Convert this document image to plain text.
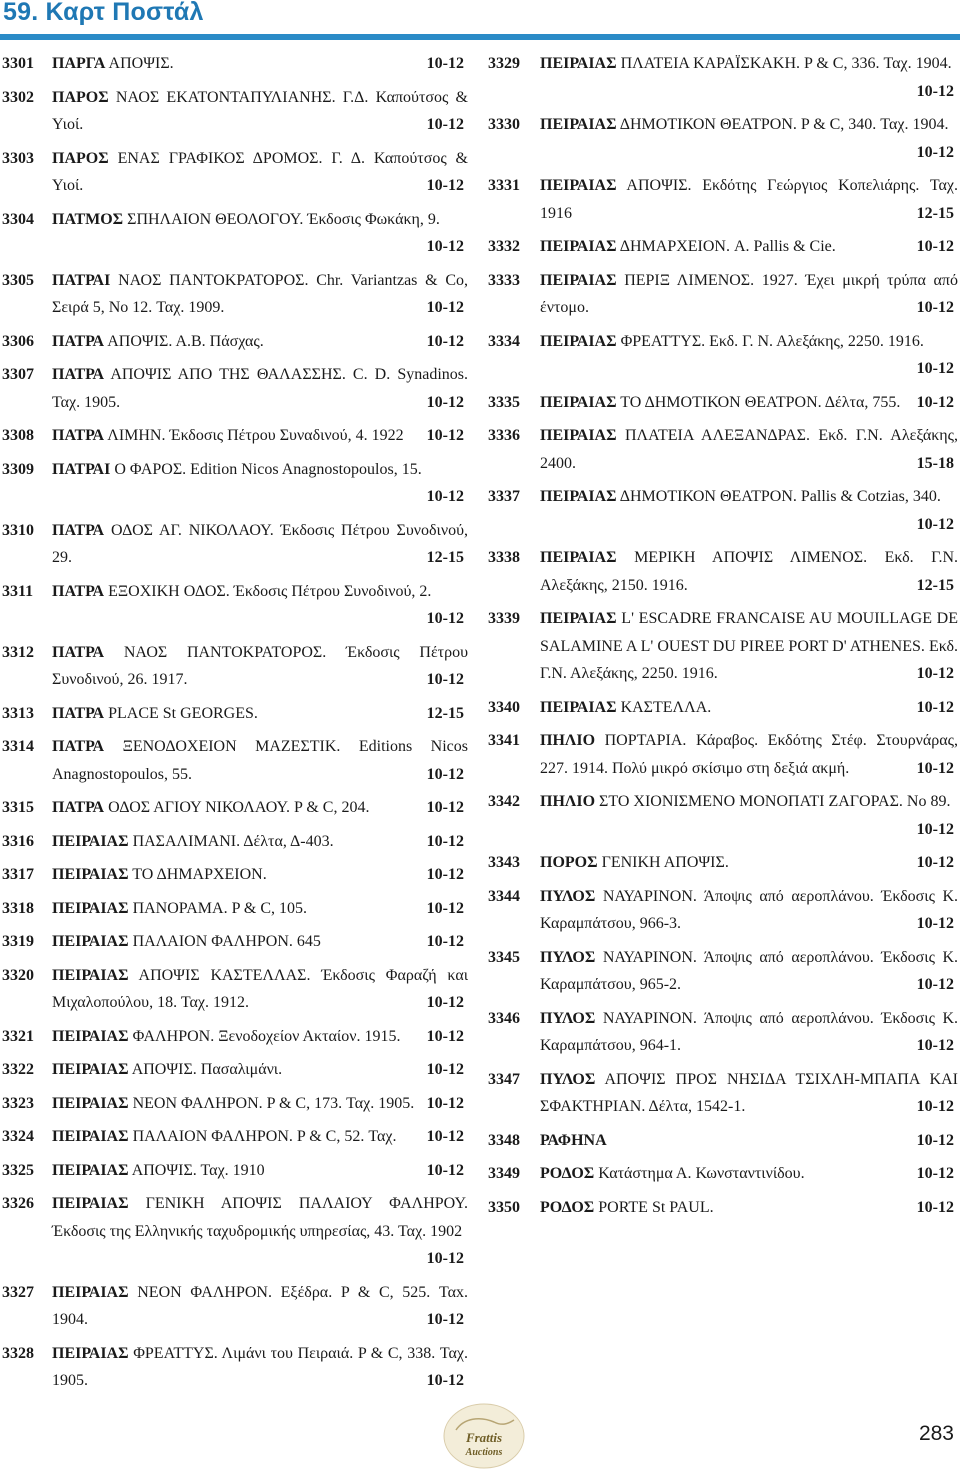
59. Καρτ Ποστάλ
3301	ΠΑΡΓΑ ΑΠΟΨΙΣ.	10-12
3302	ΠΑΡΟΣ ΝΑΟΣ ΕΚΑΤΟΝΤΑΠΥΛΙΑΝΗΣ. Γ.Δ. Καπούτσος & Υιοί.	10-12
3303	ΠΑΡΟΣ ΕΝΑΣ ΓΡΑΦΙΚΟΣ ΔΡΟΜΟΣ. Γ. Δ. Καπούτσος & Υιοί.	10-12
3304	ΠΑΤΜΟΣ ΣΠΗΛΑΙΟΝ ΘΕΟΛΟΓΟΥ. Έκδοσις Φωκάκη, 9.
10-12
3305	ΠΑΤΡΑΙ ΝΑΟΣ ΠΑΝΤΟΚΡΑΤΟΡΟΣ. Chr. Variantzas & Co, Σειρά 5, No 12. Ταχ. 1909.	10-12
3306	ΠΑΤΡΑ ΑΠΟΨΙΣ. Α.Β. Πάσχας.	10-12
3307	ΠΑΤΡΑ ΑΠΟΨΙΣ ΑΠΟ ΤΗΣ ΘΑΛΑΣΣΗΣ. C. D. Synadinos. Ταχ. 1905.	10-12
3308	ΠΑΤΡΑ ΛΙΜΗΝ. Έκδοσις Πέτρου Συναδινού, 4. 1922 10-12
3309	ΠΑΤΡΑΙ Ο ΦΑΡΟΣ. Edition Nicos Anagnostopoulos, 15.
10-12
3310	ΠΑΤΡΑ ΟΔΟΣ ΑΓ. ΝΙΚΟΛΑΟΥ. Έκδοσις Πέτρου Συνοδινού, 29.	12-15
3311	ΠΑΤΡΑ ΕΞΟΧΙΚΗ ΟΔΟΣ. Έκδοσις Πέτρου Συνοδινού, 2.
10-12
3312	ΠΑΤΡΑ ΝΑΟΣ ΠΑΝΤΟΚΡΑΤΟΡΟΣ. Έκδοσις Πέτρου Συνοδινού, 26. 1917.	10-12
3313	ΠΑΤΡΑ PLACE St GEORGES.	12-15
3314	ΠΑΤΡΑ ΞΕΝΟΔΟΧΕΙΟΝ ΜΑΖΕΣΤΙΚ. Editions Nicos Anagnostopoulos, 55.	10-12
3315	ΠΑΤΡΑ ΟΔΟΣ ΑΓΙΟΥ ΝΙΚΟΛΑΟΥ. P & C, 204.	10-12
3316	ΠΕΙΡΑΙΑΣ ΠΑΣΑΛΙΜΑΝΙ. Δέλτα, Δ-403.	10-12
3317	ΠΕΙΡΑΙΑΣ ΤΟ ΔΗΜΑΡΧΕΙΟΝ.	10-12
3318	ΠΕΙΡΑΙΑΣ ΠΑΝΟΡΑΜΑ. P & C, 105.	10-12
3319	ΠΕΙΡΑΙΑΣ ΠΑΛΑΙΟΝ ΦΑΛΗΡΟΝ. 645	10-12
3320	ΠΕΙΡΑΙΑΣ ΑΠΟΨΙΣ ΚΑΣΤΕΛΛΑΣ. Έκδοσις Φαραζή και Μιχαλοπούλου, 18. Ταχ. 1912.	10-12
3321	ΠΕΙΡΑΙΑΣ ΦΑΛΗΡΟΝ. Ξενοδοχείον Ακταίον. 1915. 10-12
3322	ΠΕΙΡΑΙΑΣ ΑΠΟΨΙΣ. Πασαλιμάνι.	10-12
3323	ΠΕΙΡΑΙΑΣ ΝΕΟΝ ΦΑΛΗΡΟΝ. P & C, 173. Ταχ. 1905. 10-12
3324	ΠΕΙΡΑΙΑΣ ΠΑΛΑΙΟΝ ΦΑΛΗΡΟΝ. P & C, 52. Ταχ. 10-12
3325	ΠΕΙΡΑΙΑΣ ΑΠΟΨΙΣ. Ταχ. 1910	10-12
3326	ΠΕΙΡΑΙΑΣ ΓΕΝΙΚΗ ΑΠΟΨΙΣ ΠΑΛΑΙΟΥ ΦΑΛΗΡΟΥ. Έκδοσις της Ελληνικής ταχυδρομικής υπηρεσίας, 43. Ταχ. 1902
10-12
3327	ΠΕΙΡΑΙΑΣ ΝΕΟΝ ΦΑΛΗΡΟΝ. Εξέδρα. P & C, 525. Ταx. 1904.	10-12
3328	ΠΕΙΡΑΙΑΣ ΦΡΕΑΤΤΥΣ. Λιμάνι του Πειραιά. P & C, 338. Ταχ. 1905.	10-12
3329	ΠΕΙΡΑΙΑΣ ΠΛΑΤΕΙΑ ΚΑΡΑΪΣΚΑΚΗ. P & C, 336. Ταχ. 1904.
10-12
3330	ΠΕΙΡΑΙΑΣ ΔΗΜΟΤΙΚΟΝ ΘΕΑΤΡΟΝ. P & C, 340. Ταχ. 1904.
10-12
3331	ΠΕΙΡΑΙΑΣ ΑΠΟΨΙΣ. Εκδότης Γεώργιος Κοπελιάρης. Ταχ. 1916	12-15
3332	ΠΕΙΡΑΙΑΣ ΔΗΜΑΡΧΕΙΟΝ. A. Pallis & Cie.	10-12
3333	ΠΕΙΡΑΙΑΣ ΠΕΡΙΞ ΛΙΜΕΝΟΣ. 1927. Έχει μικρή τρύπα από έντομο.	10-12
3334	ΠΕΙΡΑΙΑΣ ΦΡΕΑΤΤΥΣ. Εκδ. Γ. Ν. Αλεξάκης, 2250. 1916.
10-12
3335	ΠΕΙΡΑΙΑΣ ΤΟ ΔΗΜΟΤΙΚΟΝ ΘΕΑΤΡΟΝ. Δέλτα, 755. 10-12
3336	ΠΕΙΡΑΙΑΣ ΠΛΑΤΕΙΑ ΑΛΕΞΑΝΔΡΑΣ. Εκδ. Γ.Ν. Αλεξάκης, 2400.	15-18
3337	ΠΕΙΡΑΙΑΣ ΔΗΜΟΤΙΚΟΝ ΘΕΑΤΡΟΝ. Pallis & Cotzias, 340.
10-12
3338	ΠΕΙΡΑΙΑΣ ΜΕΡΙΚΗ ΑΠΟΨΙΣ ΛΙΜΕΝΟΣ. Εκδ. Γ.Ν. Αλεξάκης, 2150. 1916.	12-15
3339	ΠΕΙΡΑΙΑΣ L' ESCADRE FRANCAISE AU MOUILLAGE DE SALAMINE A L' OUEST DU PIREE PORT D' ATHENES. Εκδ. Γ.Ν. Αλεξάκης, 2250. 1916.	10-12
3340	ΠΕΙΡΑΙΑΣ ΚΑΣΤΕΛΛΑ.	10-12
3341	ΠΗΛΙΟ ΠΟΡΤΑΡΙΑ. Κάραβος. Εκδότης Στέφ. Στουρνάρας, 227. 1914. Πολύ μικρό σκίσιμο στη δεξιά ακμή.	10-12
3342	ΠΗΛΙΟ ΣΤΟ ΧΙΟΝΙΣΜΕΝΟ ΜΟΝΟΠΑΤΙ ΖΑΓΟΡΑΣ. No 89.
10-12
3343	ΠΟΡΟΣ ΓΕΝΙΚΗ ΑΠΟΨΙΣ.	10-12
3344	ΠΥΛΟΣ ΝΑΥΑΡΙΝΟΝ. Άποψις από αεροπλάνου. Έκδοσις Κ. Καραμπάτσου, 966-3.	10-12
3345	ΠΥΛΟΣ ΝΑΥΑΡΙΝΟΝ. Άποψις από αεροπλάνου. Έκδοσις Κ. Καραμπάτσου, 965-2.	10-12
3346	ΠΥΛΟΣ ΝΑΥΑΡΙΝΟΝ. Άποψις από αεροπλάνου. Έκδοσις Κ. Καραμπάτσου, 964-1.	10-12
3347	ΠΥΛΟΣ ΑΠΟΨΙΣ ΠΡΟΣ ΝΗΣΙΔΑ ΤΣΙΧΛΗ-ΜΠΑΠΑ ΚΑΙ ΣΦΑΚΤΗΡΙΑΝ. Δέλτα, 1542-1.	10-12
3348	ΡΑΦΗΝΑ	10-12
3349	ΡΟΔΟΣ Κατάστημα Α. Κωνσταντινίδου.	10-12
3350	ΡΟΔΟΣ PORTE St PAUL.	10-12
Frattis
Auctions
283
